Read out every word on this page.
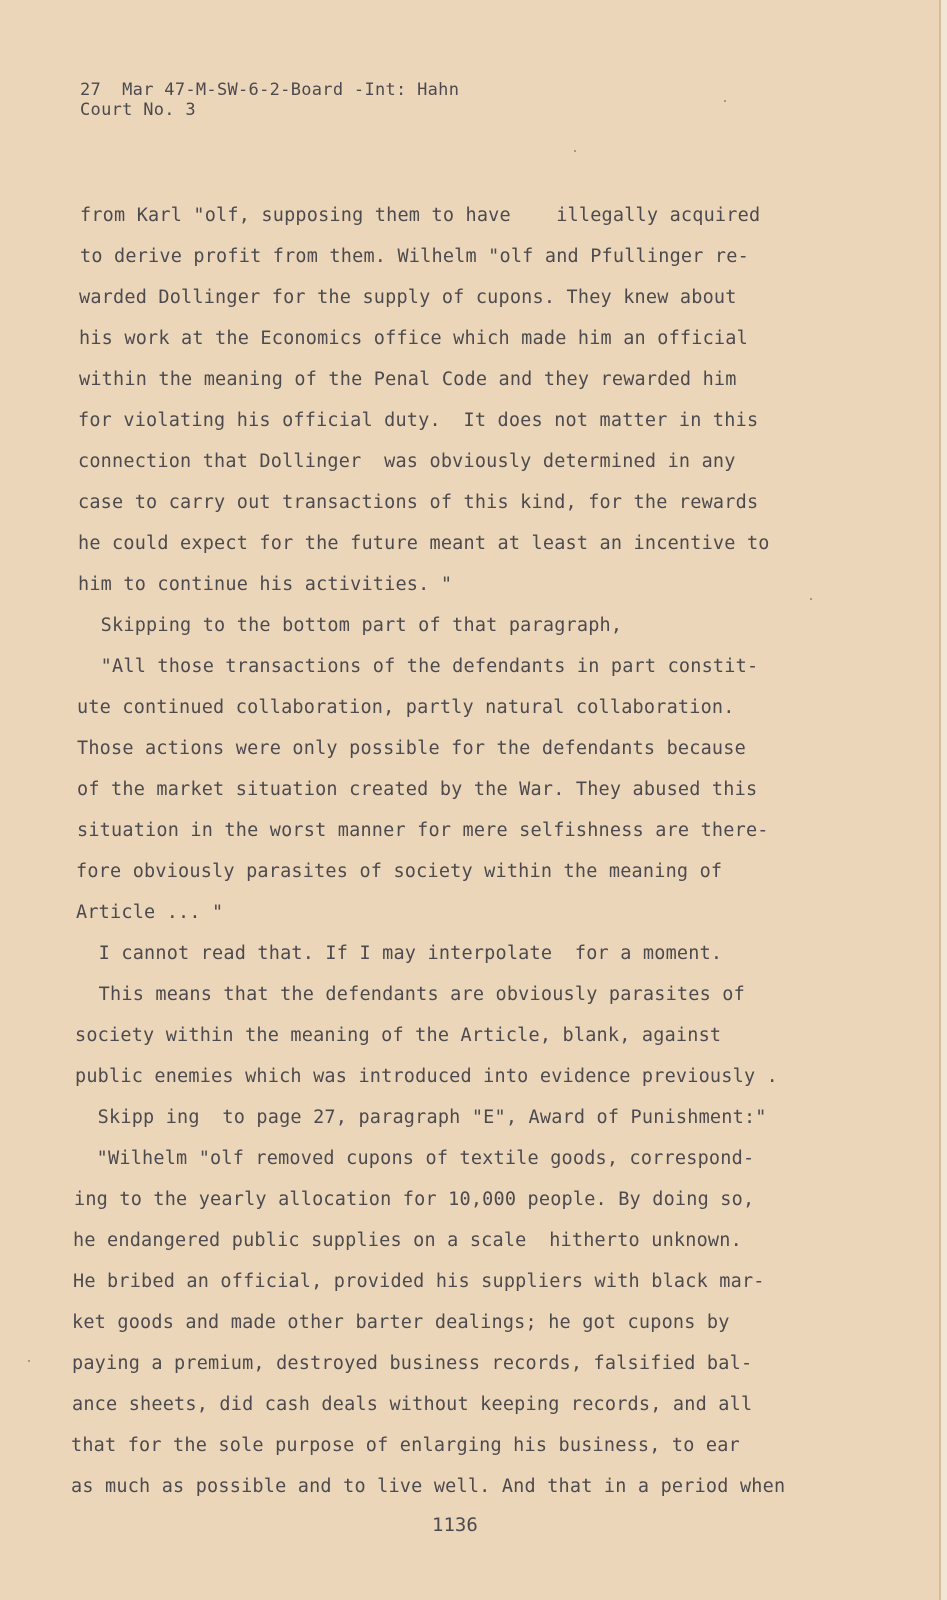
27  Mar 47-M-SW-6-2-Board -Int: Hahn
Court No. 3
from Karl "olf, supposing them to have    illegally acquired
to derive profit from them. Wilhelm "olf and Pfullinger re-
warded Dollinger for the supply of cupons. They knew about
his work at the Economics office which made him an official
within the meaning of the Penal Code and they rewarded him
for violating his official duty.  It does not matter in this
connection that Dollinger  was obviously determined in any
case to carry out transactions of this kind, for the rewards
he could expect for the future meant at least an incentive to
him to continue his activities. "
Skipping to the bottom part of that paragraph,
"All those transactions of the defendants in part constit-
ute continued collaboration, partly natural collaboration.
Those actions were only possible for the defendants because
of the market situation created by the War. They abused this
situation in the worst manner for mere selfishness are there-
fore obviously parasites of society within the meaning of
Article ... "
I cannot read that. If I may interpolate  for a moment.
This means that the defendants are obviously parasites of
society within the meaning of the Article, blank, against
public enemies which was introduced into evidence previously .
Skipp ing  to page 27, paragraph "E", Award of Punishment:"
"Wilhelm "olf removed cupons of textile goods, correspond-
ing to the yearly allocation for 10,000 people. By doing so,
he endangered public supplies on a scale  hitherto unknown.
He bribed an official, provided his suppliers with black mar-
ket goods and made other barter dealings; he got cupons by
paying a premium, destroyed business records, falsified bal-
ance sheets, did cash deals without keeping records, and all
that for the sole purpose of enlarging his business, to ear
as much as possible and to live well. And that in a period when
1136
